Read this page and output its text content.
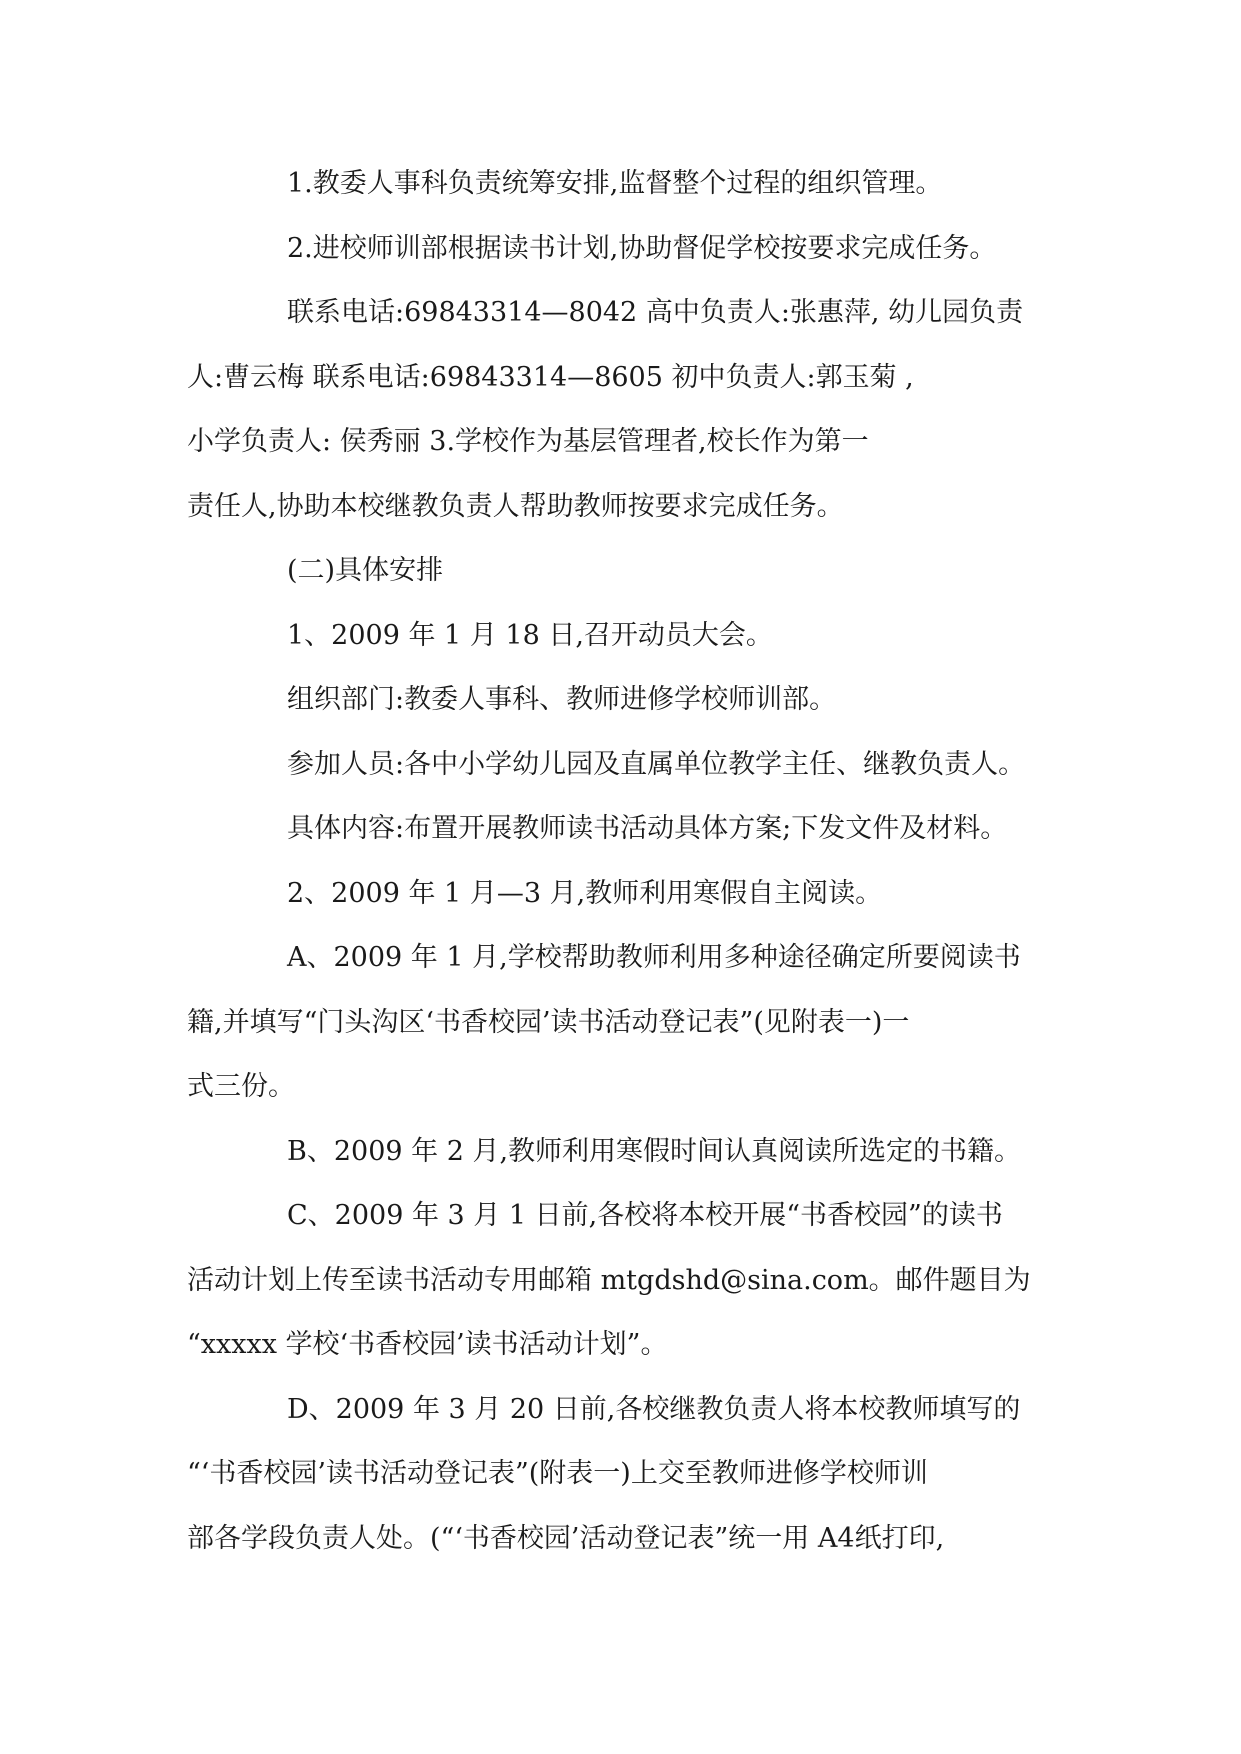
1.教委人事科负责统筹安排,监督整个过程的组织管理。
2.进校师训部根据读书计划,协助督促学校按要求完成任务。
联系电话:69843314—8042 高中负责人:张惠萍, 幼儿园负责
人:曹云梅 联系电话:69843314—8605 初中负责人:郭玉菊 ,
小学负责人: 侯秀丽 3.学校作为基层管理者,校长作为第一
责任人,协助本校继教负责人帮助教师按要求完成任务。
(二)具体安排
1、2009 年 1 月 18 日,召开动员大会。
组织部门:教委人事科、教师进修学校师训部。
参加人员:各中小学幼儿园及直属单位教学主任、继教负责人。
具体内容:布置开展教师读书活动具体方案;下发文件及材料。
2、2009 年 1 月—3 月,教师利用寒假自主阅读。
A、2009 年 1 月,学校帮助教师利用多种途径确定所要阅读书
籍,并填写“门头沟区‘书香校园’读书活动登记表”(见附表一)一
式三份。
B、2009 年 2 月,教师利用寒假时间认真阅读所选定的书籍。
C、2009 年 3 月 1 日前,各校将本校开展“书香校园”的读书
活动计划上传至读书活动专用邮箱 mtgdshd@sina.com。邮件题目为
“xxxxx 学校‘书香校园’读书活动计划”。
D、2009 年 3 月 20 日前,各校继教负责人将本校教师填写的
“‘书香校园’读书活动登记表”(附表一)上交至教师进修学校师训
部各学段负责人处。(“‘书香校园’活动登记表”统一用 A4纸打印,
